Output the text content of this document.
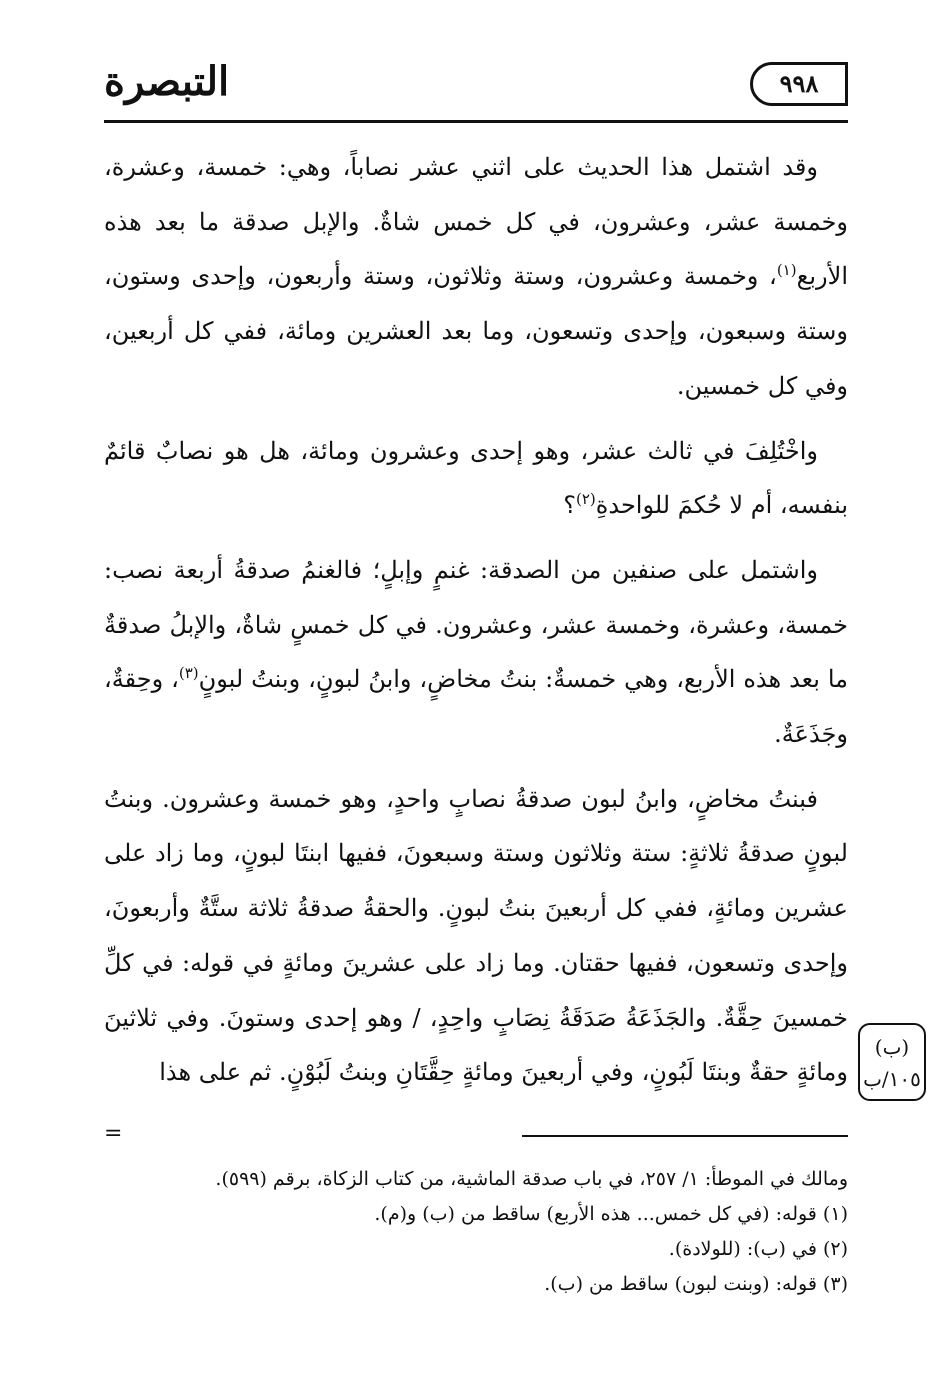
التبصرة	٩٩٨

وقد اشتمل هذا الحديث على اثني عشر نصاباً، وهي: خمسة، وعشرة، وخمسة عشر، وعشرون، في كل خمس شاةٌ. والإبل صدقة ما بعد هذه الأربع$^{(١)}$، وخمسة وعشرون، وستة وثلاثون، وستة وأربعون، وإحدى وستون، وستة وسبعون، وإحدى وتسعون، وما بعد العشرين ومائة، ففي كل أربعين، وفي كل خمسين.

واخْتُلِفَ في ثالث عشر، وهو إحدى وعشرون ومائة، هل هو نصابٌ قائمٌ بنفسه، أم لا حُكمَ للواحدةِ$^{(٢)}$؟

واشتمل على صنفين من الصدقة: غنمٍ وإبلٍ؛ فالغنمُ صدقةُ أربعة نصب: خمسة، وعشرة، وخمسة عشر، وعشرون. في كل خمسٍ شاةٌ، والإبلُ صدقةٌ ما بعد هذه الأربع، وهي خمسةٌ: بنتُ مخاضٍ، وابنُ لبونٍ، وبنتُ لبونٍ$^{(٣)}$، وحِقةٌ، وجَذَعَةٌ.

فبنتُ مخاضٍ، وابنُ لبون صدقةُ نصابٍ واحدٍ، وهو خمسة وعشرون. وبنتُ لبونٍ صدقةُ ثلاثةٍ: ستة وثلاثون وستة وسبعونَ، ففيها ابنتَا لبونٍ، وما زاد على عشرين ومائةٍ، ففي كل أربعينَ بنتُ لبونٍ. والحقةُ صدقةُ ثلاثة ستَّةٌ وأربعونَ، وإحدى وتسعون، ففيها حقتان. وما زاد على عشرينَ ومائةٍ في قوله: في كلِّ خمسينَ حِقَّةٌ. والجَذَعَةُ صَدَقَةُ نِصَابٍ واحِدٍ، / وهو إحدى وستونَ. وفي ثلاثينَ ومائةٍ حقةٌ وبنتَا لَبُونٍ، وفي أربعينَ ومائةٍ حِقَّتَانِ وبنتُ لَبُوْنٍ. ثم على هذا

(ب)
١٠٥/ب
=
ومالك في الموطأ: ١/ ٢٥٧، في باب صدقة الماشية، من كتاب الزكاة، برقم (٥٩٩).
(١) قوله: (في كل خمس... هذه الأربع) ساقط من (ب) و(م).
(٢) في (ب): (للولادة).
(٣) قوله: (وبنت لبون) ساقط من (ب).
